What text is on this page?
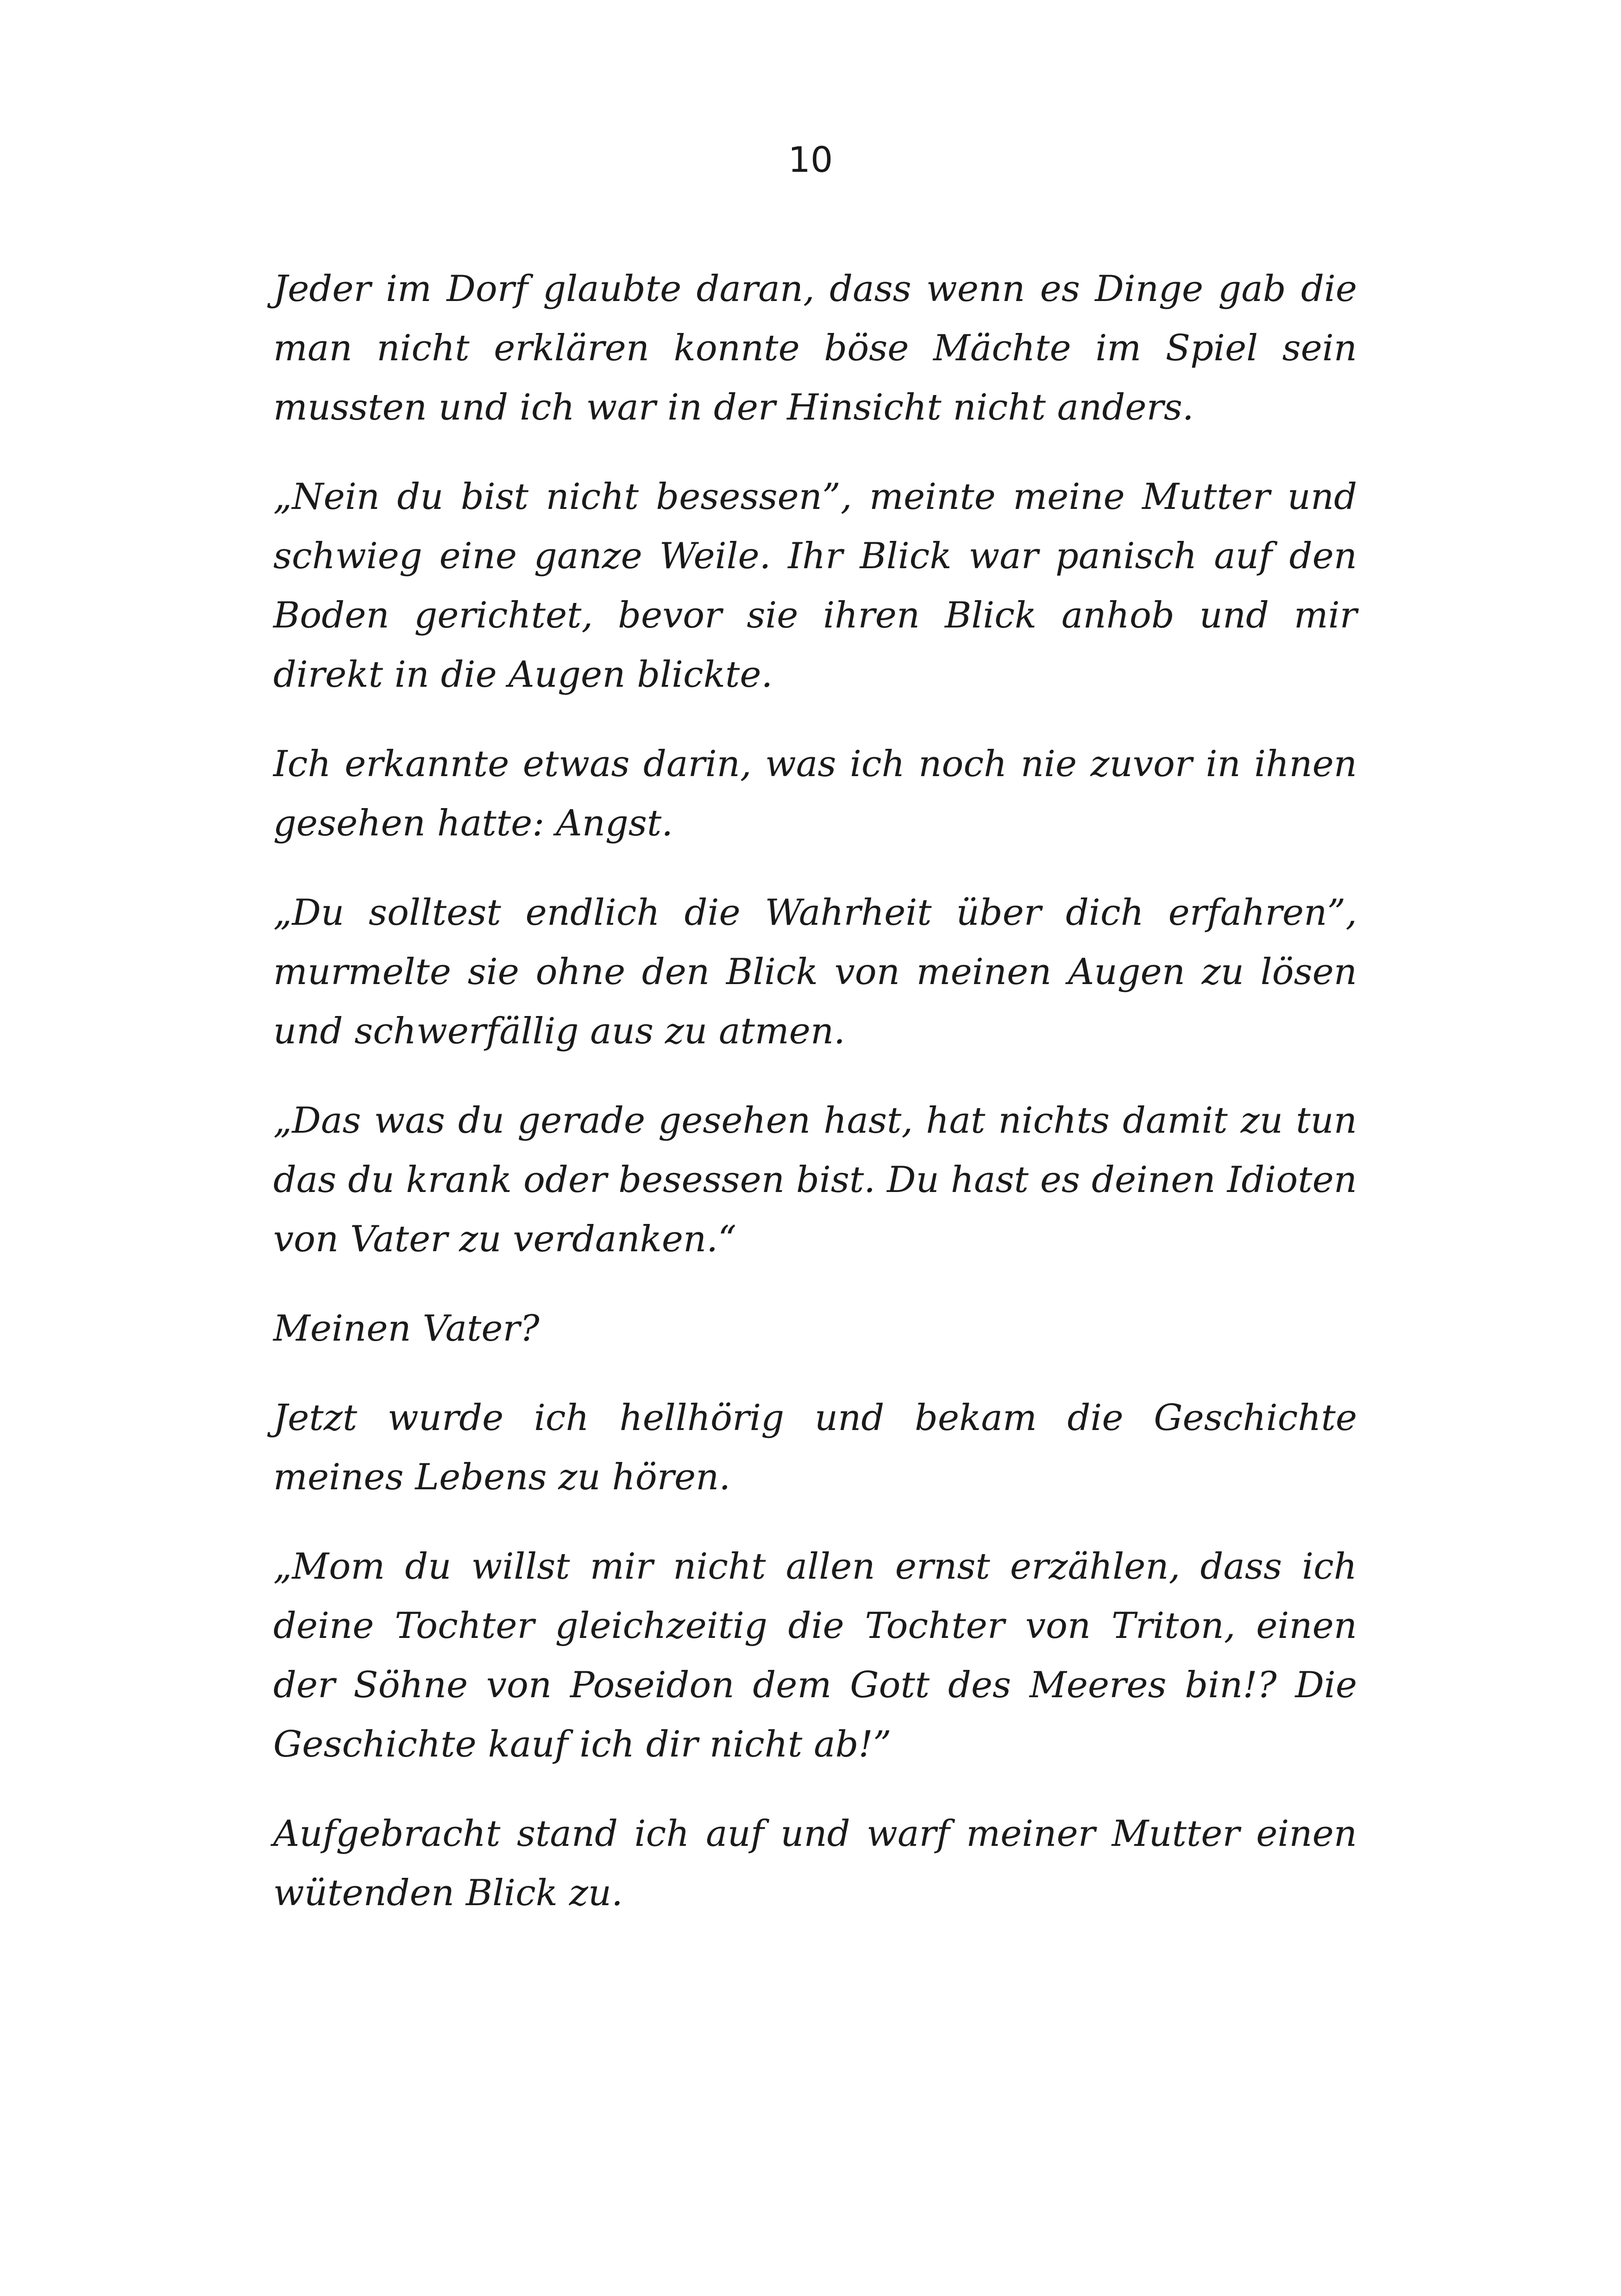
10

Jeder im Dorf glaubte daran, dass wenn es Dinge gab die man nicht erklären konnte böse Mächte im Spiel sein mussten und ich war in der Hinsicht nicht anders.

„Nein du bist nicht besessen”, meinte meine Mutter und schwieg eine ganze Weile. Ihr Blick war panisch auf den Boden gerichtet, bevor sie ihren Blick anhob und mir direkt in die Augen blickte.

Ich erkannte etwas darin, was ich noch nie zuvor in ihnen gesehen hatte: Angst.

„Du solltest endlich die Wahrheit über dich erfahren”, murmelte sie ohne den Blick von meinen Augen zu lösen und schwerfällig aus zu atmen.

„Das was du gerade gesehen hast, hat nichts damit zu tun das du krank oder besessen bist. Du hast es deinen Idioten von Vater zu verdanken.“

Meinen Vater?

Jetzt wurde ich hellhörig und bekam die Geschichte meines Lebens zu hören.

„Mom du willst mir nicht allen ernst erzählen, dass ich deine Tochter gleichzeitig die Tochter von Triton, einen der Söhne von Poseidon dem Gott des Meeres bin!? Die Geschichte kauf ich dir nicht ab!”

Aufgebracht stand ich auf und warf meiner Mutter einen wütenden Blick zu.
